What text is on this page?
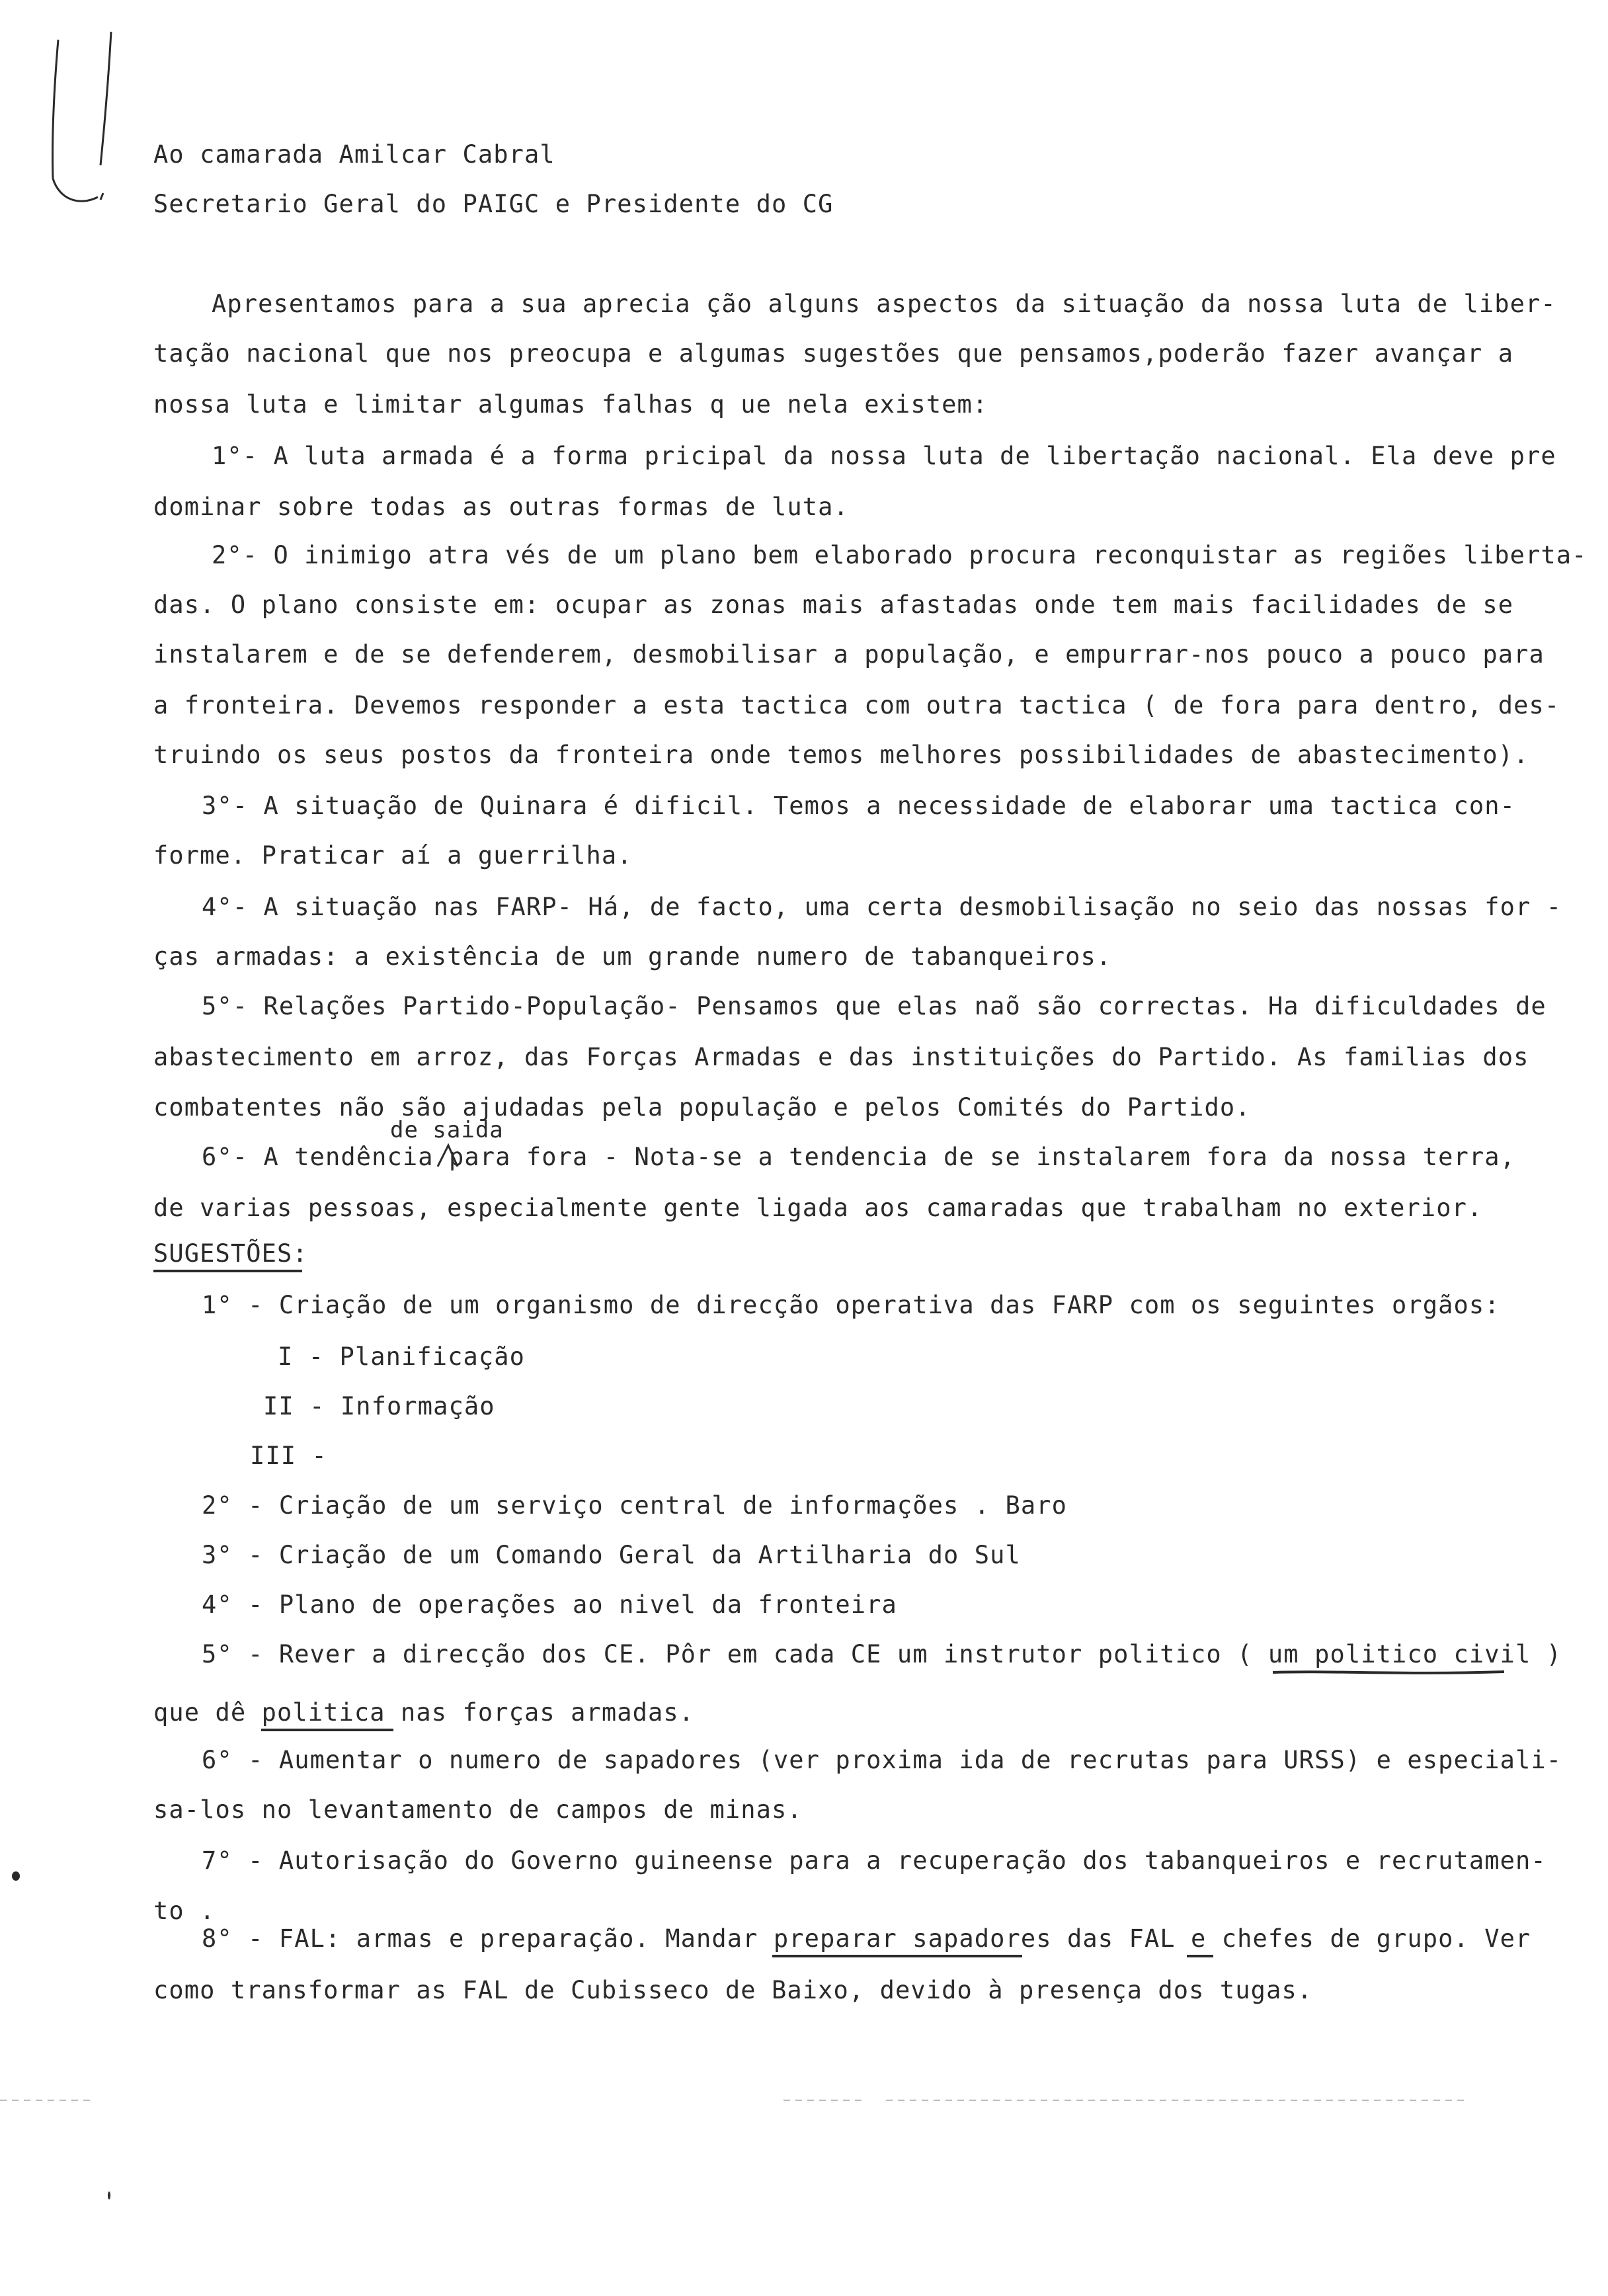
Ao camarada Amilcar Cabral
Secretario Geral do PAIGC e Presidente do CG
Apresentamos para a sua aprecia ção alguns aspectos da situação da nossa luta de liber-
tação nacional que nos preocupa e algumas sugestões que pensamos,poderão fazer avançar a
nossa luta e limitar algumas falhas q ue nela existem:
1°- A luta armada é a forma pricipal da nossa luta de libertação nacional. Ela deve pre
dominar sobre todas as outras formas de luta.
2°- O inimigo atra vés de um plano bem elaborado procura reconquistar as regiões liberta-
das. O plano consiste em: ocupar as zonas mais afastadas onde tem mais facilidades de se
instalarem e de se defenderem, desmobilisar a população, e empurrar-nos pouco a pouco para
a fronteira. Devemos responder a esta tactica com outra tactica ( de fora para dentro, des-
truindo os seus postos da fronteira onde temos melhores possibilidades de abastecimento).
3°- A situação de Quinara é dificil. Temos a necessidade de elaborar uma tactica con-
forme. Praticar aí a guerrilha.
4°- A situação nas FARP- Há, de facto, uma certa desmobilisação no seio das nossas for -
ças armadas: a existência de um grande numero de tabanqueiros.
5°- Relações Partido-População- Pensamos que elas naõ são correctas. Ha dificuldades de
abastecimento em arroz, das Forças Armadas e das instituições do Partido. As familias dos
combatentes não são ajudadas pela população e pelos Comités do Partido.
de saida
6°- A tendência para fora - Nota-se a tendencia de se instalarem fora da nossa terra,
de varias pessoas, especialmente gente ligada aos camaradas que trabalham no exterior.
SUGESTÕES:
1° - Criação de um organismo de direcção operativa das FARP com os seguintes orgãos:
I - Planificação
II - Informação
III -
2° - Criação de um serviço central de informações . Baro
3° - Criação de um Comando Geral da Artilharia do Sul
4° - Plano de operações ao nivel da fronteira
5° - Rever a direcção dos CE. Pôr em cada CE um instrutor politico ( um politico civil )
que dê politica nas forças armadas.
6° - Aumentar o numero de sapadores (ver proxima ida de recrutas para URSS) e especiali-
sa-los no levantamento de campos de minas.
7° - Autorisação do Governo guineense para a recuperação dos tabanqueiros e recrutamen-
to .
8° - FAL: armas e preparação. Mandar preparar sapadores das FAL e chefes de grupo. Ver
como transformar as FAL de Cubisseco de Baixo, devido à presença dos tugas.
